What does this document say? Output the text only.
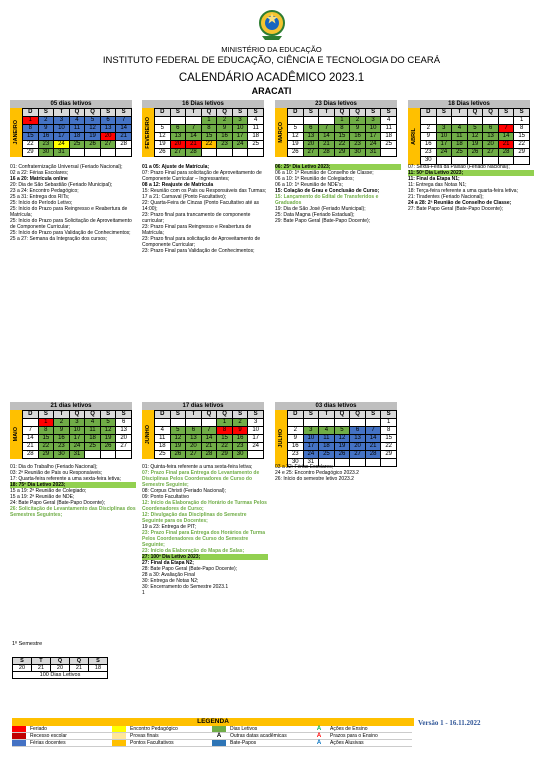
MINISTÉRIO DA EDUCAÇÃO
INSTITUTO FEDERAL DE EDUCAÇÃO, CIÊNCIA E TECNOLOGIA DO CEARÁ
CALENDÁRIO ACADÊMICO 2023.1
ARACATI
05 dias letivos
JANEIRO
D	S	T	Q	Q	S	S
1	2	3	4	5	6	7
8	9	10	11	12	13	14
15	16	17	18	19	20	21
22	23	24	25	26	27	28
29	30	31				
16 Dias letivos
FEVEREIRO
D	S	T	Q	Q	S	S
			1	2	3	4
5	6	7	8	9	10	11
12	13	14	15	16	17	18
19	20	21	22	23	24	25
26	27	28				
23 Dias letivos
MARÇO
D	S	T	Q	Q	S	S
			1	2	3	4
5	6	7	8	9	10	11
12	13	14	15	16	17	18
19	20	21	22	23	24	25
26	27	28	29	30	31	
18 Dias letivos
ABRIL
D	S	T	Q	Q	S	S
						1
2	3	4	5	6	7	8
9	10	11	12	13	14	15
16	17	18	19	20	21	22
23	24	25	26	27	28	29
30						
21 dias letivos
MAIO
D	S	T	Q	Q	S	S
	1	2	3	4	5	6
7	8	9	10	11	12	13
14	15	16	17	18	19	20
21	22	23	24	25	26	27
28	29	30	31			
17 dias letivos
JUNHO
D	S	T	Q	Q	S	S
				1	2	3
4	5	6	7	8	9	10
11	12	13	14	15	16	17
18	19	20	21	22	23	24
25	26	27	28	29	30	
03 dias letivos
JULHO
D	S	T	Q	Q	S	S
						1
2	3	4	5	6	7	8
9	10	11	12	13	14	15
16	17	18	19	20	21	22
23	24	25	26	27	28	29
30	31					
01: Confraternização Universal (Feriado Nacional);
02 a 22: Férias Escolares;
16 a 20: Matrícula online
20: Dia de São Sebastião (Feriado Municipal);
23 a 24: Encontro Pedagógico;
25 a 31: Entrega dos RITs;
25: Início do Período Letivo;
25: Início do Prazo para Reingresso e Reabertura de Matrícula;
25: Início do Prazo para Solicitação de Aproveitamento de Componente Curricular;
25: Início do Prazo para Validação de Conhecimentos;
25 a 27: Semana da Integração dos cursos;
01 a 05: Ajuste de Matrícula;
07: Prazo Final para solicitação de Aproveitamento de Componente Curricular – Ingressantes;
08 a 12: Reajuste de Matrícula
15: Reunião com os Pais ou Responsáveis das Turmas;
17 a 21: Carnaval (Ponto Facultativo);
22: Quarta-Feira de Cinzas (Ponto Facultativo até as 14:00);
23: Prazo final para trancamento de componente curricular;
23: Prazo Final para Reingresso e Reabertura de Matrícula;
23: Prazo final para solicitação de Aproveitamento de Componente Curricular;
23: Prazo Final para Validação de Conhecimentos;
06: 25º Dia Letivo 2023;
06 a 10: 1ª Reunião de Conselho de Classe;
06 a 10: 1ª Reunião de Colegiados;
06 a 10: 1ª Reunião de NDE's;
15: Colação de Grau e Conclusão de Curso;
15: Lançamento do Edital de Transferidos e Graduados
19: Dia de São José (Feriado Municipal);
25: Data Magna (Feriado Estadual);
29: Bate Papo Geral (Bate-Papo Docente);
07: Sexta-Feira da Paixão (Feriado Nacional);
11: 50º Dia Letivo 2023;
11: Final da Etapa N1;
11: Entrega das Notas N1;
18: Terça-feira referente a uma quarta-feira letiva;
21: Tiradentes (Feriado Nacional);
24 a 28: 2ª Reunião de Conselho de Classe;
27: Bate Papo Geral (Bate-Papo Docente);
01: Dia do Trabalho (Feriado Nacional);
03: 2ª Reunião de Pais ou Responsáveis;
17: Quarta-feira referente a uma sexta-feira letiva;
18: 75º Dia Letivo 2023;
15 a 19: 2ª Reunião de Colegiado;
15 a 19: 2ª Reunião de NDE;
24: Bate Papo Geral (Bate-Papo Docente);
26: Solicitação de Levantamento das Disciplinas dos Semestres Seguintes;
01: Quinta-feira referente a uma sexta-feira letiva;
07: Prazo Final para Entrega do Levantamento de Disciplinas Pelos Coordenadores de Curso do Semestre Seguinte;
08: Corpus Christi (Feriado Nacional);
09: Ponto Facultativo
12: Início da Elaboração do Horário de Turmas Pelos Coordenadores de Curso;
12: Divulgação das Disciplinas do Semestre Seguinte para os Docentes;
19 a 23: Entrega de PIT;
23: Prazo Final para Entrega dos Horários de Turma Pelos Coordenadores de Curso do Semestre Seguinte;
23: Início da Elaboração do Mapa de Salas;
27: 100º Dia Letivo 2023;
27: Final da Etapa N2;
28: Bate Papo Geral (Bate-Papo Docente);
28 a 30: Avaliação Final
30: Entrega de Notas N2;
30: Encerramento do Semestre 2023.1
1
03 a 22: Férias Escolares;
24 e 25: Encontro Pedagógico 2023.2
26: Início do semestre letivo 2023.2
1º Semestre
S	T	Q	Q	S
20	21	20	21	18
100 Dias Letivos				
LEGENDA
Feriado	Encontro Pedagógico	Dias Letivos	A	Ações de Ensino
Recesso escolar	Provas finais	A	Outras datas acadêmicas	A	Prazos para o Ensino
Férias docentes	Pontos Facultativos	Bate-Papos	A	Ações Alusivas
Versão 1 - 16.11.2022
